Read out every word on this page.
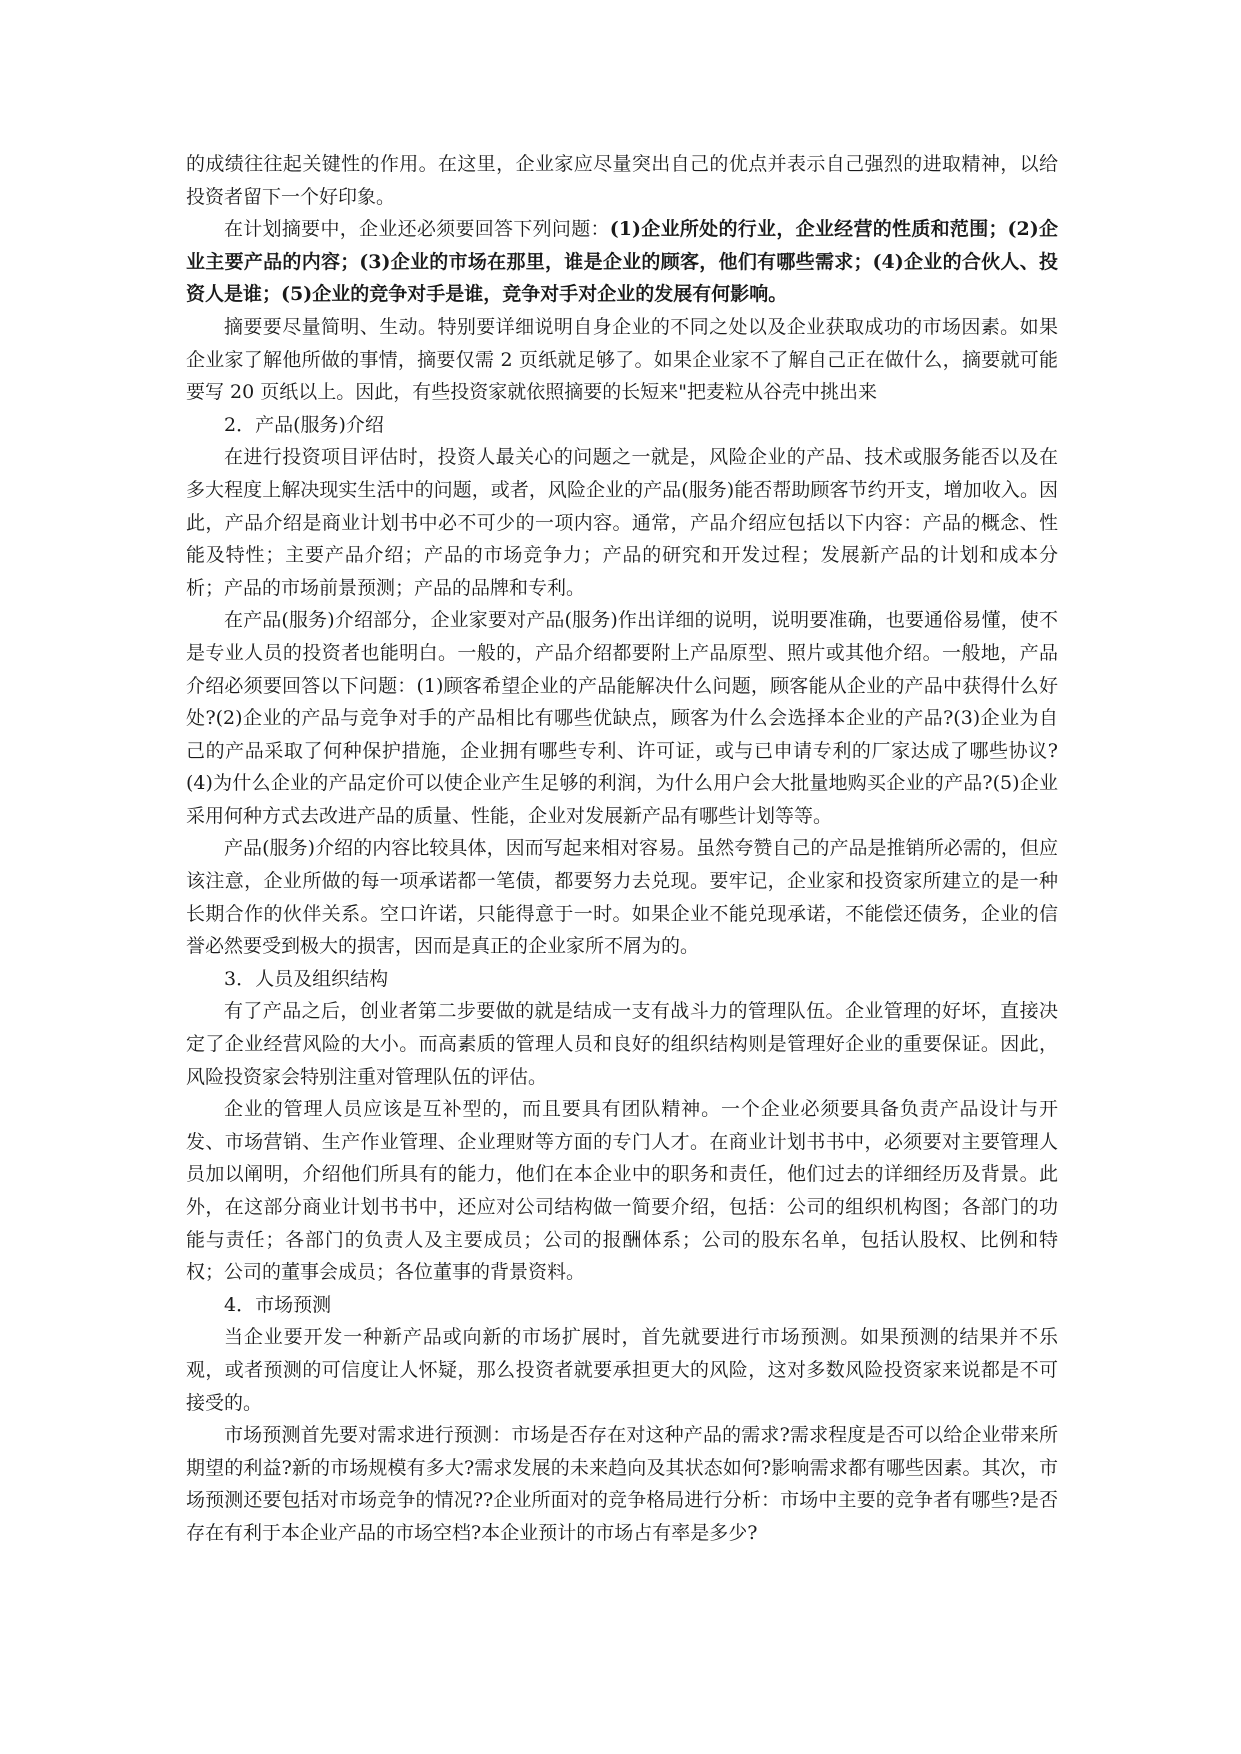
的成绩往往起关键性的作用。在这里，企业家应尽量突出自己的优点并表示自己强烈的进取精神，以给投资者留下一个好印象。

在计划摘要中，企业还必须要回答下列问题：(1)企业所处的行业，企业经营的性质和范围；(2)企业主要产品的内容；(3)企业的市场在那里，谁是企业的顾客，他们有哪些需求；(4)企业的合伙人、投资人是谁；(5)企业的竞争对手是谁，竞争对手对企业的发展有何影响。

摘要要尽量简明、生动。特别要详细说明自身企业的不同之处以及企业获取成功的市场因素。如果企业家了解他所做的事情，摘要仅需 2 页纸就足够了。如果企业家不了解自己正在做什么，摘要就可能要写 20 页纸以上。因此，有些投资家就依照摘要的长短来"把麦粒从谷壳中挑出来

2．产品(服务)介绍

在进行投资项目评估时，投资人最关心的问题之一就是，风险企业的产品、技术或服务能否以及在多大程度上解决现实生活中的问题，或者，风险企业的产品(服务)能否帮助顾客节约开支，增加收入。因此，产品介绍是商业计划书中必不可少的一项内容。通常，产品介绍应包括以下内容：产品的概念、性能及特性；主要产品介绍；产品的市场竞争力；产品的研究和开发过程；发展新产品的计划和成本分析；产品的市场前景预测；产品的品牌和专利。

在产品(服务)介绍部分，企业家要对产品(服务)作出详细的说明，说明要准确，也要通俗易懂，使不是专业人员的投资者也能明白。一般的，产品介绍都要附上产品原型、照片或其他介绍。一般地，产品介绍必须要回答以下问题：(1)顾客希望企业的产品能解决什么问题，顾客能从企业的产品中获得什么好处?(2)企业的产品与竞争对手的产品相比有哪些优缺点，顾客为什么会选择本企业的产品?(3)企业为自己的产品采取了何种保护措施，企业拥有哪些专利、许可证，或与已申请专利的厂家达成了哪些协议?(4)为什么企业的产品定价可以使企业产生足够的利润，为什么用户会大批量地购买企业的产品?(5)企业采用何种方式去改进产品的质量、性能，企业对发展新产品有哪些计划等等。

产品(服务)介绍的内容比较具体，因而写起来相对容易。虽然夸赞自己的产品是推销所必需的，但应该注意，企业所做的每一项承诺都一笔债，都要努力去兑现。要牢记，企业家和投资家所建立的是一种长期合作的伙伴关系。空口许诺，只能得意于一时。如果企业不能兑现承诺，不能偿还债务，企业的信誉必然要受到极大的损害，因而是真正的企业家所不屑为的。

3．人员及组织结构

有了产品之后，创业者第二步要做的就是结成一支有战斗力的管理队伍。企业管理的好坏，直接决定了企业经营风险的大小。而高素质的管理人员和良好的组织结构则是管理好企业的重要保证。因此，风险投资家会特别注重对管理队伍的评估。

企业的管理人员应该是互补型的，而且要具有团队精神。一个企业必须要具备负责产品设计与开发、市场营销、生产作业管理、企业理财等方面的专门人才。在商业计划书书中，必须要对主要管理人员加以阐明，介绍他们所具有的能力，他们在本企业中的职务和责任，他们过去的详细经历及背景。此外，在这部分商业计划书书中，还应对公司结构做一简要介绍，包括：公司的组织机构图；各部门的功能与责任；各部门的负责人及主要成员；公司的报酬体系；公司的股东名单，包括认股权、比例和特权；公司的董事会成员；各位董事的背景资料。

4．市场预测

当企业要开发一种新产品或向新的市场扩展时，首先就要进行市场预测。如果预测的结果并不乐观，或者预测的可信度让人怀疑，那么投资者就要承担更大的风险，这对多数风险投资家来说都是不可接受的。

市场预测首先要对需求进行预测：市场是否存在对这种产品的需求?需求程度是否可以给企业带来所期望的利益?新的市场规模有多大?需求发展的未来趋向及其状态如何?影响需求都有哪些因素。其次，市场预测还要包括对市场竞争的情况??企业所面对的竞争格局进行分析：市场中主要的竞争者有哪些?是否存在有利于本企业产品的市场空档?本企业预计的市场占有率是多少?
